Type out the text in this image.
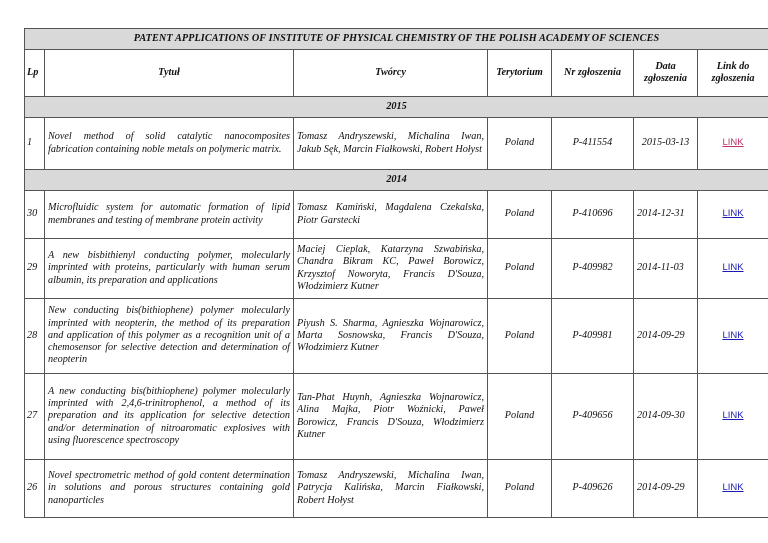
PATENT APPLICATIONS OF INSTITUTE OF PHYSICAL CHEMISTRY OF THE POLISH ACADEMY OF SCIENCES						
Lp	Tytuł	Twórcy	Terytorium	Nr zgłoszenia	Data zgłoszenia	Link do zgłoszenia
2015						
1	Novel method of solid catalytic nanocomposites fabrication containing noble metals on polymeric matrix.	Tomasz Andryszewski, Michalina Iwan, Jakub Sęk, Marcin Fiałkowski, Robert Hołyst	Poland	P-411554	2015-03-13	LINK
2014						
30	Microfluidic system for automatic formation of lipid membranes and testing of membrane protein activity	Tomasz Kamiński, Magdalena Czekalska, Piotr Garstecki	Poland	P-410696	2014-12-31	LINK
29	A new bisbithienyl conducting polymer, molecularly imprinted with proteins, particularly with human serum albumin, its preparation and applications	Maciej Cieplak, Katarzyna Szwabińska, Chandra Bikram KC, Paweł Borowicz, Krzysztof Noworyta, Francis D'Souza, Włodzimierz Kutner	Poland	P-409982	2014-11-03	LINK
28	New conducting bis(bithiophene) polymer molecularly imprinted with neopterin, the method of its preparation and application of this polymer as a recognition unit of a chemosensor for selective detection and determination of neopterin	Piyush S. Sharma, Agnieszka Wojnarowicz, Marta Sosnowska, Francis D'Souza, Włodzimierz Kutner	Poland	P-409981	2014-09-29	LINK
27	A new conducting bis(bithiophene) polymer molecularly imprinted with 2,4,6-trinitrophenol, a method of its preparation and its application for selective detection and/or determination of nitroaromatic explosives with using fluorescence spectroscopy	Tan-Phat Huynh, Agnieszka Wojnarowicz, Alina Majka, Piotr Woźnicki, Paweł Borowicz, Francis D'Souza, Włodzimierz Kutner	Poland	P-409656	2014-09-30	LINK
26	Novel spectrometric method of gold content determination in solutions and porous structures containing gold nanoparticles	Tomasz Andryszewski, Michalina Iwan, Patrycja Kalińska, Marcin Fiałkowski, Robert Hołyst	Poland	P-409626	2014-09-29	LINK
